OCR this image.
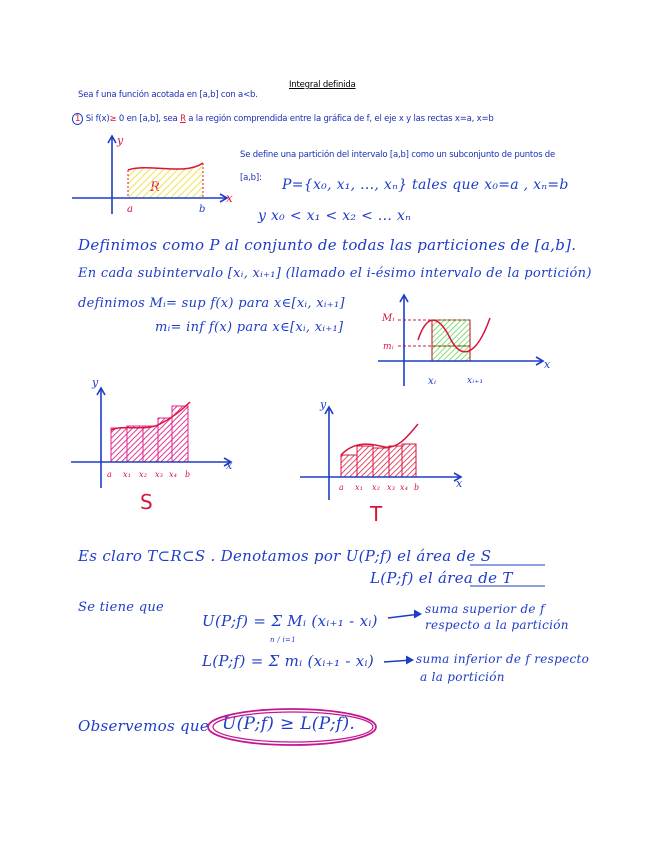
Integral definida
Sea f una función acotada en [a,b] con a<b.
1 Si f(x)≥ 0 en [a,b], sea R a la región comprendida entre la gráfica de f, el eje x y las rectas x=a, x=b
Se define una partición del intervalo [a,b] como un subconjunto de puntos de
[a,b]: P={x₀, x₁, ..., xₙ} tales que x₀=a , xₙ=b
y x₀ < x₁ < x₂ < ... xₙ
Definimos como P al conjunto de todas las particiones de [a,b].
En cada subintervalo [xᵢ, xᵢ₊₁] (llamado el i-ésimo intervalo de la portición)
definimos Mᵢ= sup f(x) para x∈[xᵢ, xᵢ₊₁]
mᵢ= inf f(x) para x∈[xᵢ, xᵢ₊₁]
Es claro T⊂R⊂S . Denotamos por U(P;f) el área de S
L(P;f) el área de T
Se tiene que
U(P;f) = Σ Mᵢ (xᵢ₊₁ - xᵢ)
n / i=1
suma superior de f
respecto a la partición
L(P;f) = Σ mᵢ (xᵢ₊₁ - xᵢ)	suma inferior de f respecto
a la portición
Observemos que U(P;f) ≥ L(P;f).
y
x
a	b
Mᵢ
mᵢ
xᵢ	xᵢ₊₁
x
y
x
a x₁ x₂ x₃ x₄ b
S
y
x
a x₁ x₂ x₃ x₄ b
T
